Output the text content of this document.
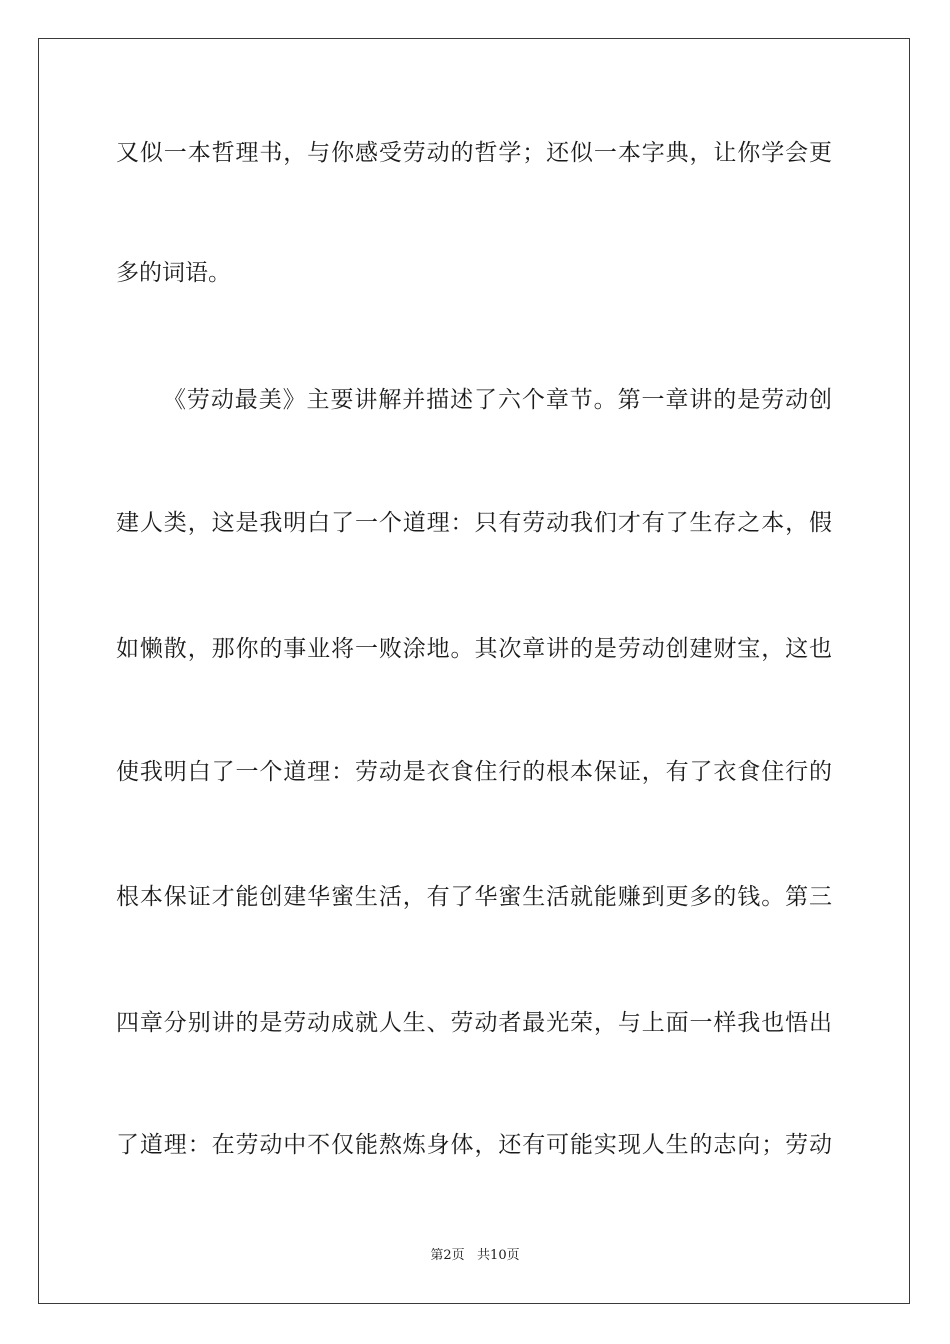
又似一本哲理书，与你感受劳动的哲学；还似一本字典，让你学会更
多的词语。
《劳动最美》主要讲解并描述了六个章节。第一章讲的是劳动创
建人类，这是我明白了一个道理：只有劳动我们才有了生存之本，假
如懒散，那你的事业将一败涂地。其次章讲的是劳动创建财宝，这也
使我明白了一个道理：劳动是衣食住行的根本保证，有了衣食住行的
根本保证才能创建华蜜生活，有了华蜜生活就能赚到更多的钱。第三
四章分别讲的是劳动成就人生、劳动者最光荣，与上面一样我也悟出
了道理：在劳动中不仅能熬炼身体，还有可能实现人生的志向；劳动
第2页   共10页
